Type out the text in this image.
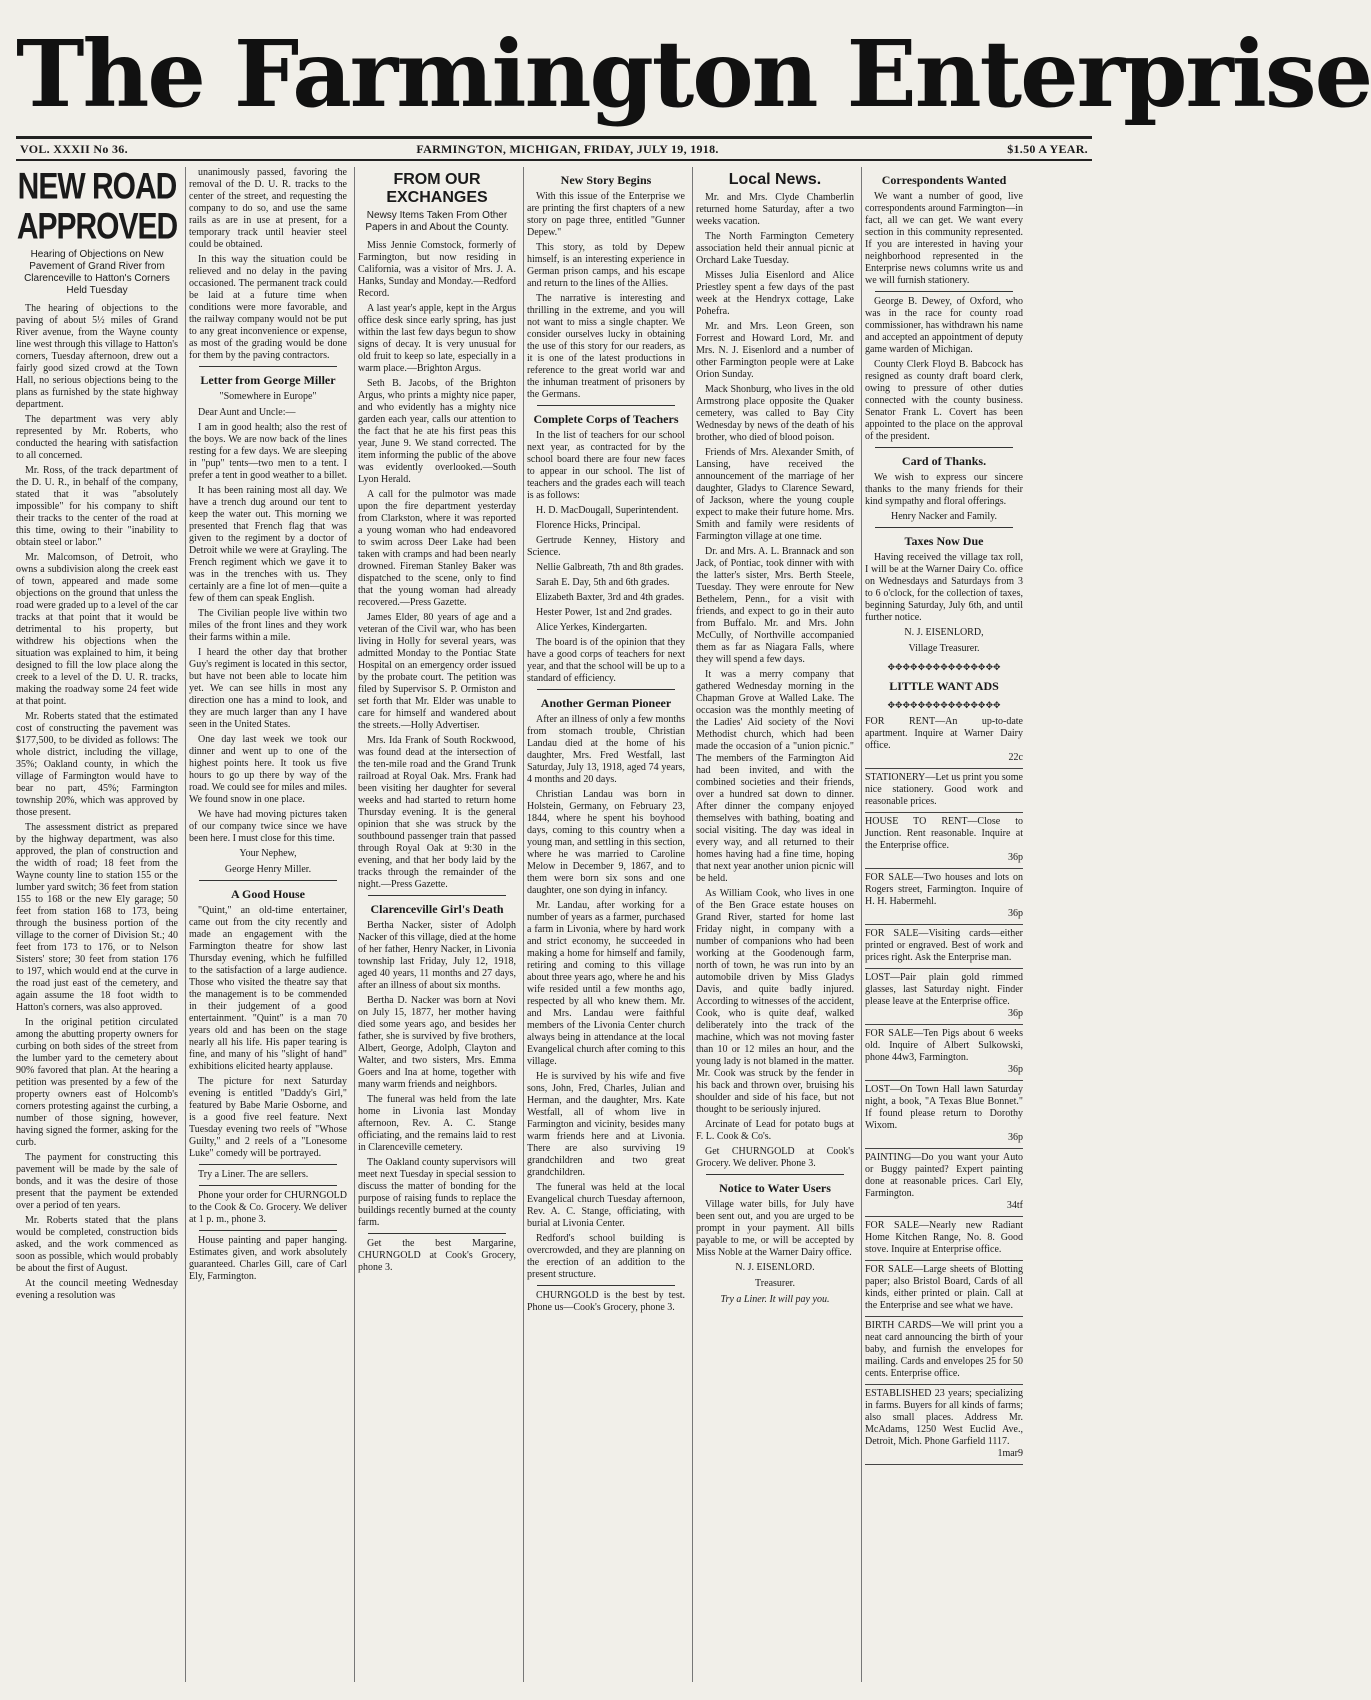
The Farmington Enterprise
VOL. XXXII No 36.	FARMINGTON, MICHIGAN, FRIDAY, JULY 19, 1918.	$1.50 A YEAR.
NEW ROAD APPROVED
Hearing of Objections on New Pavement of Grand River from Clarenceville to Hatton's Corners Held Tuesday

The hearing of objections to the paving of about 5½ miles of Grand River avenue, from the Wayne county line west through this village to Hatton's corners, Tuesday afternoon, drew out a fairly good sized crowd at the Town Hall, no serious objections being to the plans as furnished by the state highway department.

The department was very ably represented by Mr. Roberts, who conducted the hearing with satisfaction to all concerned.

Mr. Ross, of the track department of the D. U. R., in behalf of the company, stated that it was "absolutely impossible" for his company to shift their tracks to the center of the road at this time, owing to their "inability to obtain steel or labor."

Mr. Malcomson, of Detroit, who owns a subdivision along the creek east of town, appeared and made some objections on the ground that unless the road were graded up to a level of the car tracks at that point that it would be detrimental to his property, but withdrew his objections when the situation was explained to him, it being designed to fill the low place along the creek to a level of the D. U. R. tracks, making the roadway some 24 feet wide at that point.

Mr. Roberts stated that the estimated cost of constructing the pavement was $177,500, to be divided as follows: The whole district, including the village, 35%; Oakland county, in which the village of Farmington would have to bear no part, 45%; Farmington township 20%, which was approved by those present.

The assessment district as prepared by the highway department, was also approved, the plan of construction and the width of road; 18 feet from the Wayne county line to station 155 or the lumber yard switch; 36 feet from station 155 to 168 or the new Ely garage; 50 feet from station 168 to 173, being through the business portion of the village to the corner of Division St.; 40 feet from 173 to 176, or to Nelson Sisters' store; 30 feet from station 176 to 197, which would end at the curve in the road just east of the cemetery, and again assume the 18 foot width to Hatton's corners, was also approved.

In the original petition circulated among the abutting property owners for curbing on both sides of the street from the lumber yard to the cemetery about 90% favored that plan. At the hearing a petition was presented by a few of the property owners east of Holcomb's corners protesting against the curbing, a number of those signing, however, having signed the former, asking for the curb.

The payment for constructing this pavement will be made by the sale of bonds, and it was the desire of those present that the payment be extended over a period of ten years.

Mr. Roberts stated that the plans would be completed, construction bids asked, and the work commenced as soon as possible, which would probably be about the first of August.

At the council meeting Wednesday evening a resolution was

unanimously passed, favoring the removal of the D. U. R. tracks to the center of the street, and requesting the company to do so, and use the same rails as are in use at present, for a temporary track until heavier steel could be obtained.

In this way the situation could be relieved and no delay in the paving occasioned. The permanent track could be laid at a future time when conditions were more favorable, and the railway company would not be put to any great inconvenience or expense, as most of the grading would be done for them by the paving contractors.

Letter from George Miller
"Somewhere in Europe"

Dear Aunt and Uncle:—

I am in good health; also the rest of the boys. We are now back of the lines resting for a few days. We are sleeping in "pup" tents—two men to a tent. I prefer a tent in good weather to a billet.

It has been raining most all day. We have a trench dug around our tent to keep the water out. This morning we presented that French flag that was given to the regiment by a doctor of Detroit while we were at Grayling. The French regiment which we gave it to was in the trenches with us. They certainly are a fine lot of men—quite a few of them can speak English.

The Civilian people live within two miles of the front lines and they work their farms within a mile.

I heard the other day that brother Guy's regiment is located in this sector, but have not been able to locate him yet. We can see hills in most any direction one has a mind to look, and they are much larger than any I have seen in the United States.

One day last week we took our dinner and went up to one of the highest points here. It took us five hours to go up there by way of the road. We could see for miles and miles. We found snow in one place.

We have had moving pictures taken of our company twice since we have been here. I must close for this time.

Your Nephew,
George Henry Miller.
A Good House

"Quint," an old-time entertainer, came out from the city recently and made an engagement with the Farmington theatre for show last Thursday evening, which he fulfilled to the satisfaction of a large audience. Those who visited the theatre say that the management is to be commended in their judgement of a good entertainment. "Quint" is a man 70 years old and has been on the stage nearly all his life. His paper tearing is fine, and many of his "slight of hand" exhibitions elicited hearty applause.

The picture for next Saturday evening is entitled "Daddy's Girl," featured by Babe Marie Osborne, and is a good five reel feature. Next Tuesday evening two reels of "Whose Guilty," and 2 reels of a "Lonesome Luke" comedy will be portrayed.

Try a Liner. The are sellers.

Phone your order for CHURNGOLD to the Cook & Co. Grocery. We deliver at 1 p. m., phone 3.

House painting and paper hanging. Estimates given, and work absolutely guaranteed. Charles Gill, care of Carl Ely, Farmington.

FROM OUR EXCHANGES
Newsy Items Taken From Other Papers in and About the County.

Miss Jennie Comstock, formerly of Farmington, but now residing in California, was a visitor of Mrs. J. A. Hanks, Sunday and Monday.—Redford Record.

A last year's apple, kept in the Argus office desk since early spring, has just within the last few days begun to show signs of decay. It is very unusual for old fruit to keep so late, especially in a warm place.—Brighton Argus.

Seth B. Jacobs, of the Brighton Argus, who prints a mighty nice paper, and who evidently has a mighty nice garden each year, calls our attention to the fact that he ate his first peas this year, June 9. We stand corrected. The item informing the public of the above was evidently overlooked.—South Lyon Herald.

A call for the pulmotor was made upon the fire department yesterday from Clarkston, where it was reported a young woman who had endeavored to swim across Deer Lake had been taken with cramps and had been nearly drowned. Fireman Stanley Baker was dispatched to the scene, only to find that the young woman had already recovered.—Press Gazette.

James Elder, 80 years of age and a veteran of the Civil war, who has been living in Holly for several years, was admitted Monday to the Pontiac State Hospital on an emergency order issued by the probate court. The petition was filed by Supervisor S. P. Ormiston and set forth that Mr. Elder was unable to care for himself and wandered about the streets.—Holly Advertiser.

Mrs. Ida Frank of South Rockwood, was found dead at the intersection of the ten-mile road and the Grand Trunk railroad at Royal Oak. Mrs. Frank had been visiting her daughter for several weeks and had started to return home Thursday evening. It is the general opinion that she was struck by the southbound passenger train that passed through Royal Oak at 9:30 in the evening, and that her body laid by the tracks through the remainder of the night.—Press Gazette.

Clarenceville Girl's Death

Bertha Nacker, sister of Adolph Nacker of this village, died at the home of her father, Henry Nacker, in Livonia township last Friday, July 12, 1918, aged 40 years, 11 months and 27 days, after an illness of about six months.

Bertha D. Nacker was born at Novi on July 15, 1877, her mother having died some years ago, and besides her father, she is survived by five brothers, Albert, George, Adolph, Clayton and Walter, and two sisters, Mrs. Emma Goers and Ina at home, together with many warm friends and neighbors.

The funeral was held from the late home in Livonia last Monday afternoon, Rev. A. C. Stange officiating, and the remains laid to rest in Clarenceville cemetery.

The Oakland county supervisors will meet next Tuesday in special session to discuss the matter of bonding for the purpose of raising funds to replace the buildings recently burned at the county farm.

Get the best Margarine, CHURNGOLD at Cook's Grocery, phone 3.

New Story Begins

With this issue of the Enterprise we are printing the first chapters of a new story on page three, entitled "Gunner Depew."

This story, as told by Depew himself, is an interesting experience in German prison camps, and his escape and return to the lines of the Allies.

The narrative is interesting and thrilling in the extreme, and you will not want to miss a single chapter. We consider ourselves lucky in obtaining the use of this story for our readers, as it is one of the latest productions in reference to the great world war and the inhuman treatment of prisoners by the Germans.

Complete Corps of Teachers

In the list of teachers for our school next year, as contracted for by the school board there are four new faces to appear in our school. The list of teachers and the grades each will teach is as follows:

H. D. MacDougall, Superintendent.

Florence Hicks, Principal.

Gertrude Kenney, History and Science.

Nellie Galbreath, 7th and 8th grades.

Sarah E. Day, 5th and 6th grades.

Elizabeth Baxter, 3rd and 4th grades.

Hester Power, 1st and 2nd grades.

Alice Yerkes, Kindergarten.

The board is of the opinion that they have a good corps of teachers for next year, and that the school will be up to a standard of efficiency.

Another German Pioneer

After an illness of only a few months from stomach trouble, Christian Landau died at the home of his daughter, Mrs. Fred Westfall, last Saturday, July 13, 1918, aged 74 years, 4 months and 20 days.

Christian Landau was born in Holstein, Germany, on February 23, 1844, where he spent his boyhood days, coming to this country when a young man, and settling in this section, where he was married to Caroline Melow in December 9, 1867, and to them were born six sons and one daughter, one son dying in infancy.

Mr. Landau, after working for a number of years as a farmer, purchased a farm in Livonia, where by hard work and strict economy, he succeeded in making a home for himself and family, retiring and coming to this village about three years ago, where he and his wife resided until a few months ago, respected by all who knew them. Mr. and Mrs. Landau were faithful members of the Livonia Center church always being in attendance at the local Evangelical church after coming to this village.

He is survived by his wife and five sons, John, Fred, Charles, Julian and Herman, and the daughter, Mrs. Kate Westfall, all of whom live in Farmington and vicinity, besides many warm friends here and at Livonia. There are also surviving 19 grandchildren and two great grandchildren.

The funeral was held at the local Evangelical church Tuesday afternoon, Rev. A. C. Stange, officiating, with burial at Livonia Center.

Redford's school building is overcrowded, and they are planning on the erection of an addition to the present structure.

CHURNGOLD is the best by test. Phone us—Cook's Grocery, phone 3.

Local News.

Mr. and Mrs. Clyde Chamberlin returned home Saturday, after a two weeks vacation.

The North Farmington Cemetery association held their annual picnic at Orchard Lake Tuesday.

Misses Julia Eisenlord and Alice Priestley spent a few days of the past week at the Hendryx cottage, Lake Pohefra.

Mr. and Mrs. Leon Green, son Forrest and Howard Lord, Mr. and Mrs. N. J. Eisenlord and a number of other Farmington people were at Lake Orion Sunday.

Mack Shonburg, who lives in the old Armstrong place opposite the Quaker cemetery, was called to Bay City Wednesday by news of the death of his brother, who died of blood poison.

Friends of Mrs. Alexander Smith, of Lansing, have received the announcement of the marriage of her daughter, Gladys to Clarence Seward, of Jackson, where the young couple expect to make their future home. Mrs. Smith and family were residents of Farmington village at one time.

Dr. and Mrs. A. L. Brannack and son Jack, of Pontiac, took dinner with with the latter's sister, Mrs. Berth Steele, Tuesday. They were enroute for New Bethelem, Penn., for a visit with friends, and expect to go in their auto from Buffalo. Mr. and Mrs. John McCully, of Northville accompanied them as far as Niagara Falls, where they will spend a few days.

It was a merry company that gathered Wednesday morning in the Chapman Grove at Walled Lake. The occasion was the monthly meeting of the Ladies' Aid society of the Novi Methodist church, which had been made the occasion of a "union picnic." The members of the Farmington Aid had been invited, and with the combined societies and their friends, over a hundred sat down to dinner. After dinner the company enjoyed themselves with bathing, boating and social visiting. The day was ideal in every way, and all returned to their homes having had a fine time, hoping that next year another union picnic will be held.

As William Cook, who lives in one of the Ben Grace estate houses on Grand River, started for home last Friday night, in company with a number of companions who had been working at the Goodenough farm, north of town, he was run into by an automobile driven by Miss Gladys Davis, and quite badly injured. According to witnesses of the accident, Cook, who is quite deaf, walked deliberately into the track of the machine, which was not moving faster than 10 or 12 miles an hour, and the young lady is not blamed in the matter. Mr. Cook was struck by the fender in his back and thrown over, bruising his shoulder and side of his face, but not thought to be seriously injured.

Arcinate of Lead for potato bugs at F. L. Cook & Co's.

Get CHURNGOLD at Cook's Grocery. We deliver. Phone 3.

Notice to Water Users

Village water bills, for July have been sent out, and you are urged to be prompt in your payment. All bills payable to me, or will be accepted by Miss Noble at the Warner Dairy office.

N. J. EISENLORD.
Treasurer.
Try a Liner. It will pay you.
Correspondents Wanted

We want a number of good, live correspondents around Farmington—in fact, all we can get. We want every section in this community represented. If you are interested in having your neighborhood represented in the Enterprise news columns write us and we will furnish stationery.

George B. Dewey, of Oxford, who was in the race for county road commissioner, has withdrawn his name and accepted an appointment of deputy game warden of Michigan.

County Clerk Floyd B. Babcock has resigned as county draft board clerk, owing to pressure of other duties connected with the county business. Senator Frank L. Covert has been appointed to the place on the approval of the president.

Card of Thanks.

We wish to express our sincere thanks to the many friends for their kind sympathy and floral offerings.

Henry Nacker and Family.
Taxes Now Due

Having received the village tax roll, I will be at the Warner Dairy Co. office on Wednesdays and Saturdays from 3 to 6 o'clock, for the collection of taxes, beginning Saturday, July 6th, and until further notice.

N. J. EISENLORD,
Village Treasurer.
✥✥✥✥✥✥✥✥✥✥✥✥✥✥✥
LITTLE WANT ADS
✥✥✥✥✥✥✥✥✥✥✥✥✥✥✥

FOR RENT—An up-to-date apartment. Inquire at Warner Dairy office.

22c

STATIONERY—Let us print you some nice stationery. Good work and reasonable prices.

HOUSE TO RENT—Close to Junction. Rent reasonable. Inquire at the Enterprise office.

36p

FOR SALE—Two houses and lots on Rogers street, Farmington. Inquire of H. H. Habermehl.

36p

FOR SALE—Visiting cards—either printed or engraved. Best of work and prices right. Ask the Enterprise man.

LOST—Pair plain gold rimmed glasses, last Saturday night. Finder please leave at the Enterprise office.

36p

FOR SALE—Ten Pigs about 6 weeks old. Inquire of Albert Sulkowski, phone 44w3, Farmington.

36p

LOST—On Town Hall lawn Saturday night, a book, "A Texas Blue Bonnet." If found please return to Dorothy Wixom.

36p

PAINTING—Do you want your Auto or Buggy painted? Expert painting done at reasonable prices. Carl Ely, Farmington.

34tf

FOR SALE—Nearly new Radiant Home Kitchen Range, No. 8. Good stove. Inquire at Enterprise office.

FOR SALE—Large sheets of Blotting paper; also Bristol Board, Cards of all kinds, either printed or plain. Call at the Enterprise and see what we have.

BIRTH CARDS—We will print you a neat card announcing the birth of your baby, and furnish the envelopes for mailing. Cards and envelopes 25 for 50 cents. Enterprise office.

ESTABLISHED 23 years; specializing in farms. Buyers for all kinds of farms; also small places. Address Mr. McAdams, 1250 West Euclid Ave., Detroit, Mich. Phone Garfield 1117.

1mar9
